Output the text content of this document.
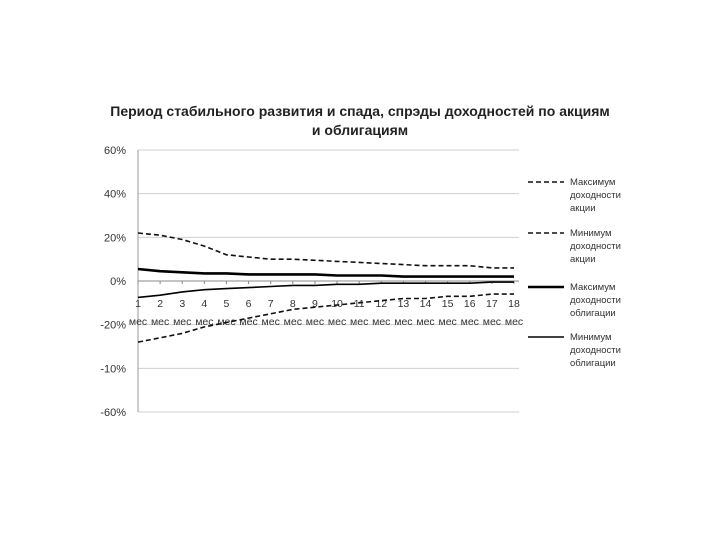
Период стабильного развития и спада, спрэды доходностей по акциям
и облигациям
60%
40%
20%
0%
-20%
-10%
-60%
1
мес
2
мес
3
мес
4
мес
5
мес
6
мес
7
мес
8
мес
9
мес
10
мес
11
мес
12
мес
13
мес
14
мес
15
мес
16
мес
17
мес
18
мес
Максимум
доходности
акции
Минимум
доходности
акции
Максимум
доходности
облигации
Минимум
доходности
облигации
